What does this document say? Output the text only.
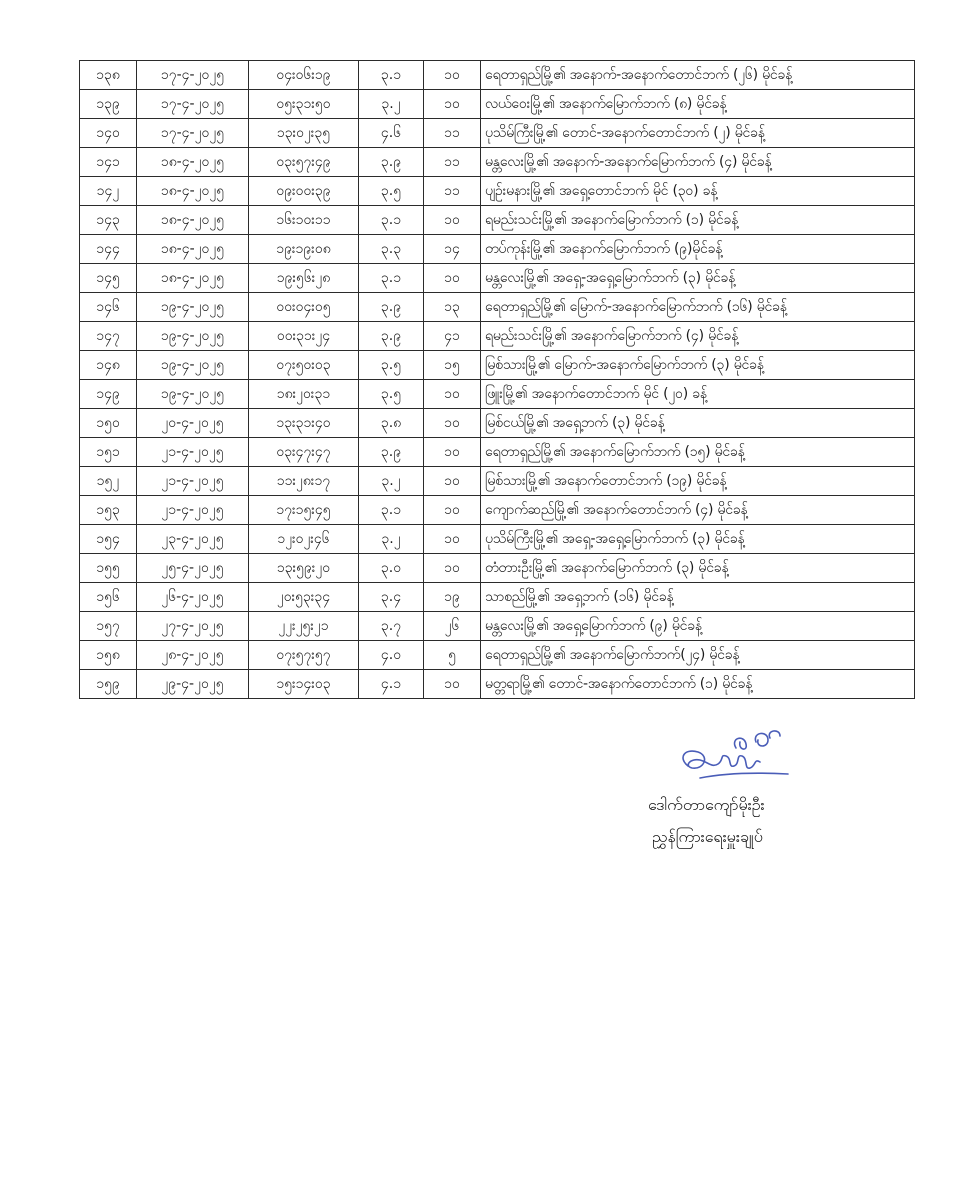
၁၃၈	၁၇-၄-၂၀၂၅	၀၄း၀၆း၁၉	၃.၁	၁၀	ရေတာရှည်မြို့၏ အနောက်-အနောက်တောင်ဘက် (၂၆) မိုင်ခန့်
၁၃၉	၁၇-၄-၂၀၂၅	၀၅း၃၁း၅၀	၃.၂	၁၀	လယ်ဝေးမြို့၏ အနောက်မြောက်ဘက် (၈) မိုင်ခန့်
၁၄၀	၁၇-၄-၂၀၂၅	၁၃း၀၂း၃၅	၄.၆	၁၁	ပုသိမ်ကြီးမြို့၏ တောင်-အနောက်တောင်ဘက် (၂) မိုင်ခန့်
၁၄၁	၁၈-၄-၂၀၂၅	၀၃း၅၇း၄၉	၃.၉	၁၁	မန္တလေးမြို့၏ အနောက်-အနောက်မြောက်ဘက် (၄) မိုင်ခန့်
၁၄၂	၁၈-၄-၂၀၂၅	၀၉း၀၀း၃၉	၃.၅	၁၁	ပျဉ်းမနားမြို့၏ အရှေ့တောင်ဘက် မိုင် (၃၀) ခန့်
၁၄၃	၁၈-၄-၂၀၂၅	၁၆း၁၀း၁၁	၃.၁	၁၀	ရမည်းသင်းမြို့၏ အနောက်မြောက်ဘက် (၁) မိုင်ခန့်
၁၄၄	၁၈-၄-၂၀၂၅	၁၉း၁၉း၀၈	၃.၃	၁၄	တပ်ကုန်းမြို့၏ အနောက်မြောက်ဘက် (၉)မိုင်ခန့်
၁၄၅	၁၈-၄-၂၀၂၅	၁၉း၅၆း၂၈	၃.၁	၁၀	မန္တလေးမြို့၏ အရှေ့-အရှေ့မြောက်ဘက် (၃) မိုင်ခန့်
၁၄၆	၁၉-၄-၂၀၂၅	၀၀း၀၄း၀၅	၃.၉	၁၃	ရေတာရှည်မြို့၏ မြောက်-အနောက်မြောက်ဘက် (၁၆) မိုင်ခန့်
၁၄၇	၁၉-၄-၂၀၂၅	၀၀း၃၁း၂၄	၃.၉	၄၁	ရမည်းသင်းမြို့၏ အနောက်မြောက်ဘက် (၄) မိုင်ခန့်
၁၄၈	၁၉-၄-၂၀၂၅	၀၇း၅၀း၀၃	၃.၅	၁၅	မြစ်သားမြို့၏ မြောက်-အနောက်မြောက်ဘက် (၃) မိုင်ခန့်
၁၄၉	၁၉-၄-၂၀၂၅	၁၈း၂၀း၃၁	၃.၅	၁၀	ဖြူးမြို့၏ အနောက်တောင်ဘက် မိုင် (၂၀) ခန့်
၁၅၀	၂၀-၄-၂၀၂၅	၁၃း၃၁း၄၀	၃.၈	၁၀	မြစ်ငယ်မြို့၏ အရှေ့ဘက် (၃) မိုင်ခန့်
၁၅၁	၂၁-၄-၂၀၂၅	၀၃း၄၇း၄၇	၃.၉	၁၀	ရေတာရှည်မြို့၏ အနောက်မြောက်ဘက် (၁၅) မိုင်ခန့်
၁၅၂	၂၁-၄-၂၀၂၅	၁၁း၂၈း၁၇	၃.၂	၁၀	မြစ်သားမြို့၏ အနောက်တောင်ဘက် (၁၉) မိုင်ခန့်
၁၅၃	၂၁-၄-၂၀၂၅	၁၇း၁၅း၄၅	၃.၁	၁၀	ကျောက်ဆည်မြို့၏ အနောက်တောင်ဘက် (၄) မိုင်ခန့်
၁၅၄	၂၃-၄-၂၀၂၅	၁၂း၀၂း၄၆	၃.၂	၁၀	ပုသိမ်ကြီးမြို့၏ အရှေ့-အရှေ့မြောက်ဘက် (၃) မိုင်ခန့်
၁၅၅	၂၅-၄-၂၀၂၅	၁၃း၅၉း၂၀	၃.၀	၁၀	တံတားဦးမြို့၏ အနောက်မြောက်ဘက် (၃) မိုင်ခန့်
၁၅၆	၂၆-၄-၂၀၂၅	၂၀း၅၃း၃၄	၃.၄	၁၉	သာစည်မြို့၏ အရှေ့ဘက် (၁၆) မိုင်ခန့်
၁၅၇	၂၇-၄-၂၀၂၅	၂၂း၂၅း၂၁	၃.၇	၂၆	မန္တလေးမြို့၏ အရှေ့မြောက်ဘက် (၉) မိုင်ခန့်
၁၅၈	၂၈-၄-၂၀၂၅	၀၇း၅၇း၅၇	၄.၀	၅	ရေတာရှည်မြို့၏ အနောက်မြောက်ဘက်(၂၄) မိုင်ခန့်
၁၅၉	၂၉-၄-၂၀၂၅	၁၅း၁၄း၀၃	၄.၁	၁၀	မတ္တရာမြို့၏ တောင်-အနောက်တောင်ဘက် (၁) မိုင်ခန့်
ဒေါက်တာကျော်မိုးဦး
ညွှန်ကြားရေးမှူးချုပ်
